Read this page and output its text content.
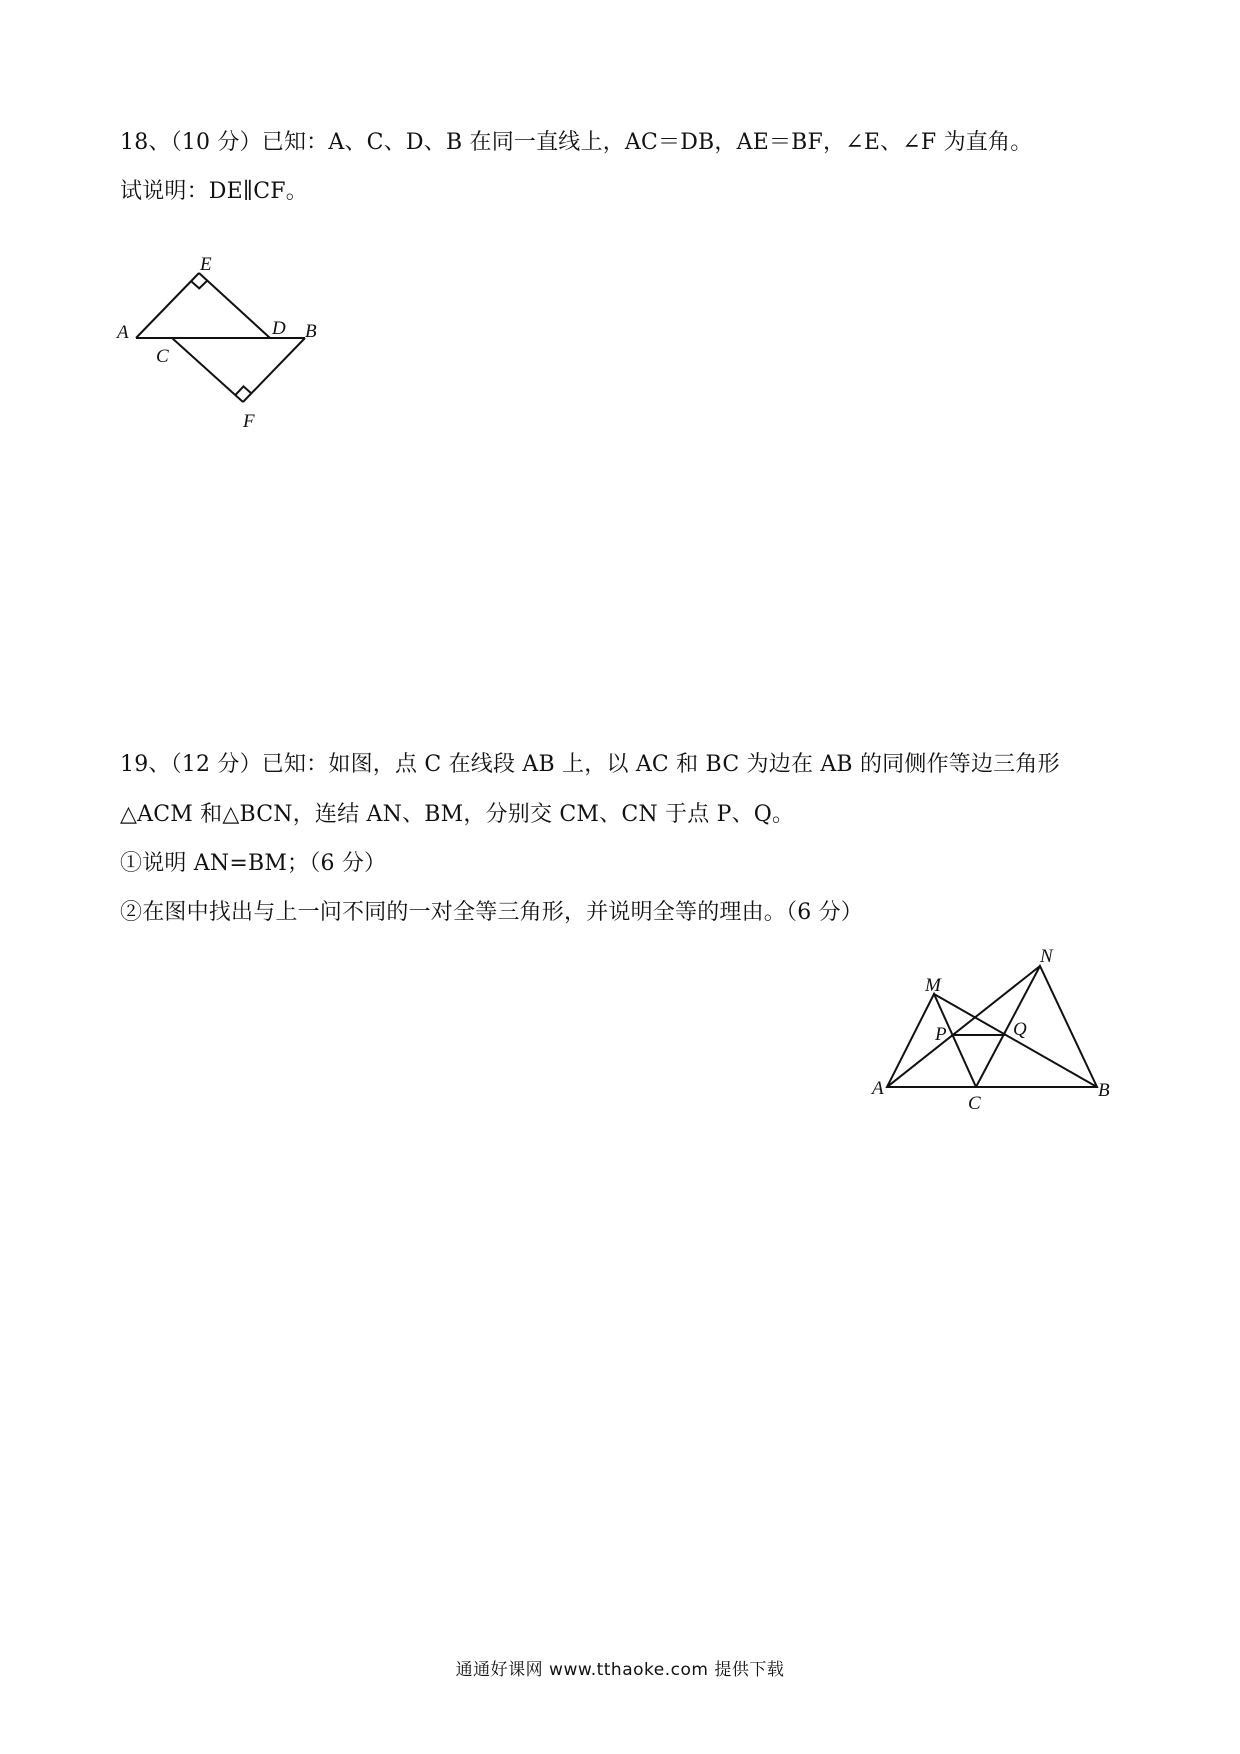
18、（10 分）已知：A、C、D、B 在同一直线上，AC＝DB，AE＝BF，∠E、∠F 为直角。
试说明：DE∥CF。
E
A	D B
C
F
19、（12 分）已知：如图，点 C 在线段 AB 上，以 AC 和 BC 为边在 AB 的同侧作等边三角形
△ACM 和△BCN，连结 AN、BM，分别交 CM、CN 于点 P、Q。
①说明 AN=BM；（6 分）
②在图中找出与上一问不同的一对全等三角形，并说明全等的理由。（6 分）
N
M
P	Q
A
C
B
通通好课网 www.tthaoke.com 提供下载
